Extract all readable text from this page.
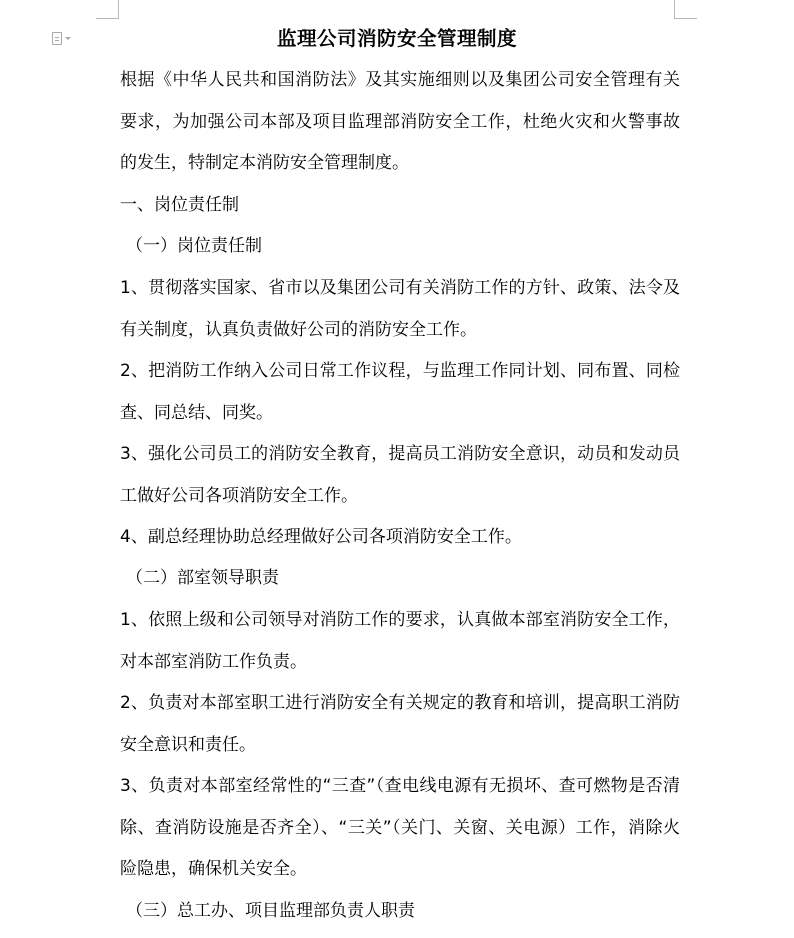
监理公司消防安全管理制度

根据《中华人民共和国消防法》及其实施细则以及集团公司安全管理有关要求，为加强公司本部及项目监理部消防安全工作，杜绝火灾和火警事故的发生，特制定本消防安全管理制度。

一、岗位责任制

（一）岗位责任制

1、贯彻落实国家、省市以及集团公司有关消防工作的方针、政策、法令及有关制度，认真负责做好公司的消防安全工作。

2、把消防工作纳入公司日常工作议程，与监理工作同计划、同布置、同检查、同总结、同奖。

3、强化公司员工的消防安全教育，提高员工消防安全意识，动员和发动员工做好公司各项消防安全工作。

4、副总经理协助总经理做好公司各项消防安全工作。

（二）部室领导职责

1、依照上级和公司领导对消防工作的要求，认真做本部室消防安全工作，对本部室消防工作负责。

2、负责对本部室职工进行消防安全有关规定的教育和培训，提高职工消防安全意识和责任。

3、负责对本部室经常性的“三查”（查电线电源有无损坏、查可燃物是否清除、查消防设施是否齐全）、“三关”（关门、关窗、关电源）工作，消除火险隐患，确保机关安全。

（三）总工办、项目监理部负责人职责
